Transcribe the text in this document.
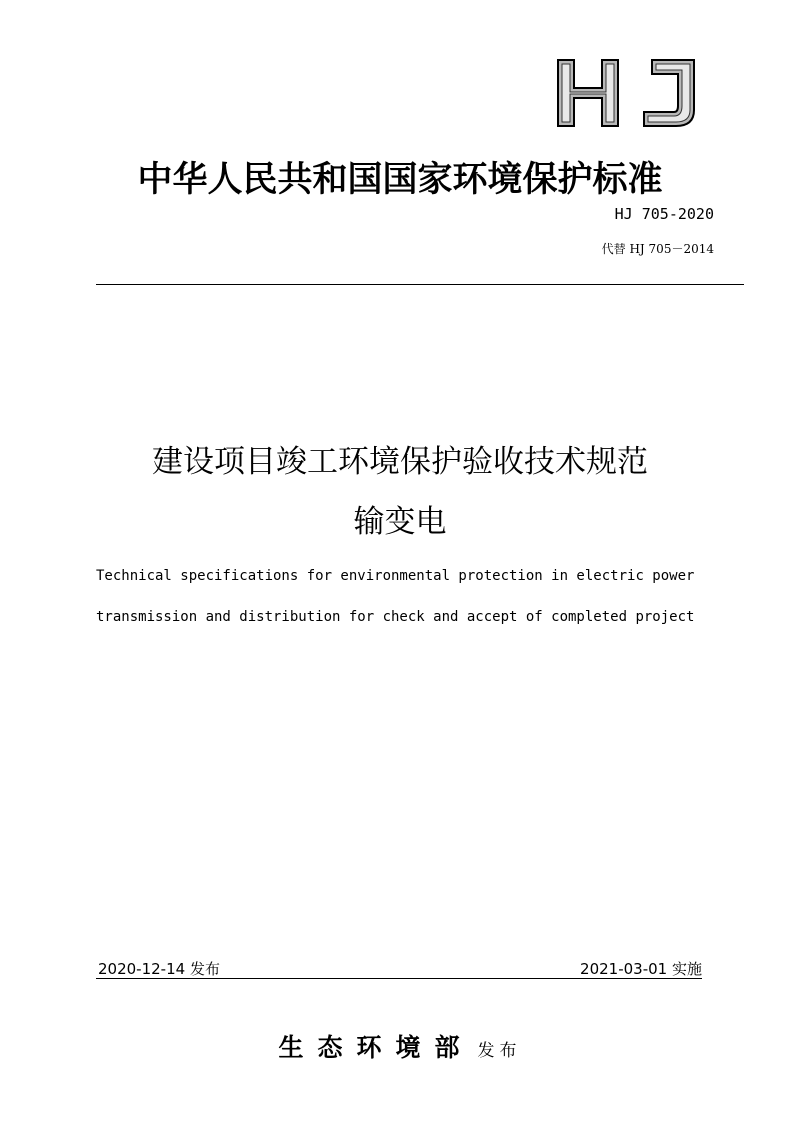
中华人民共和国国家环境保护标准
HJ 705-2020
代替 HJ 705－2014
建设项目竣工环境保护验收技术规范
输变电
Technical specifications for environmental protection in electric power
transmission and distribution for check and accept of completed project
2020-12-14 发布	2021-03-01 实施
生态环境部 发布
